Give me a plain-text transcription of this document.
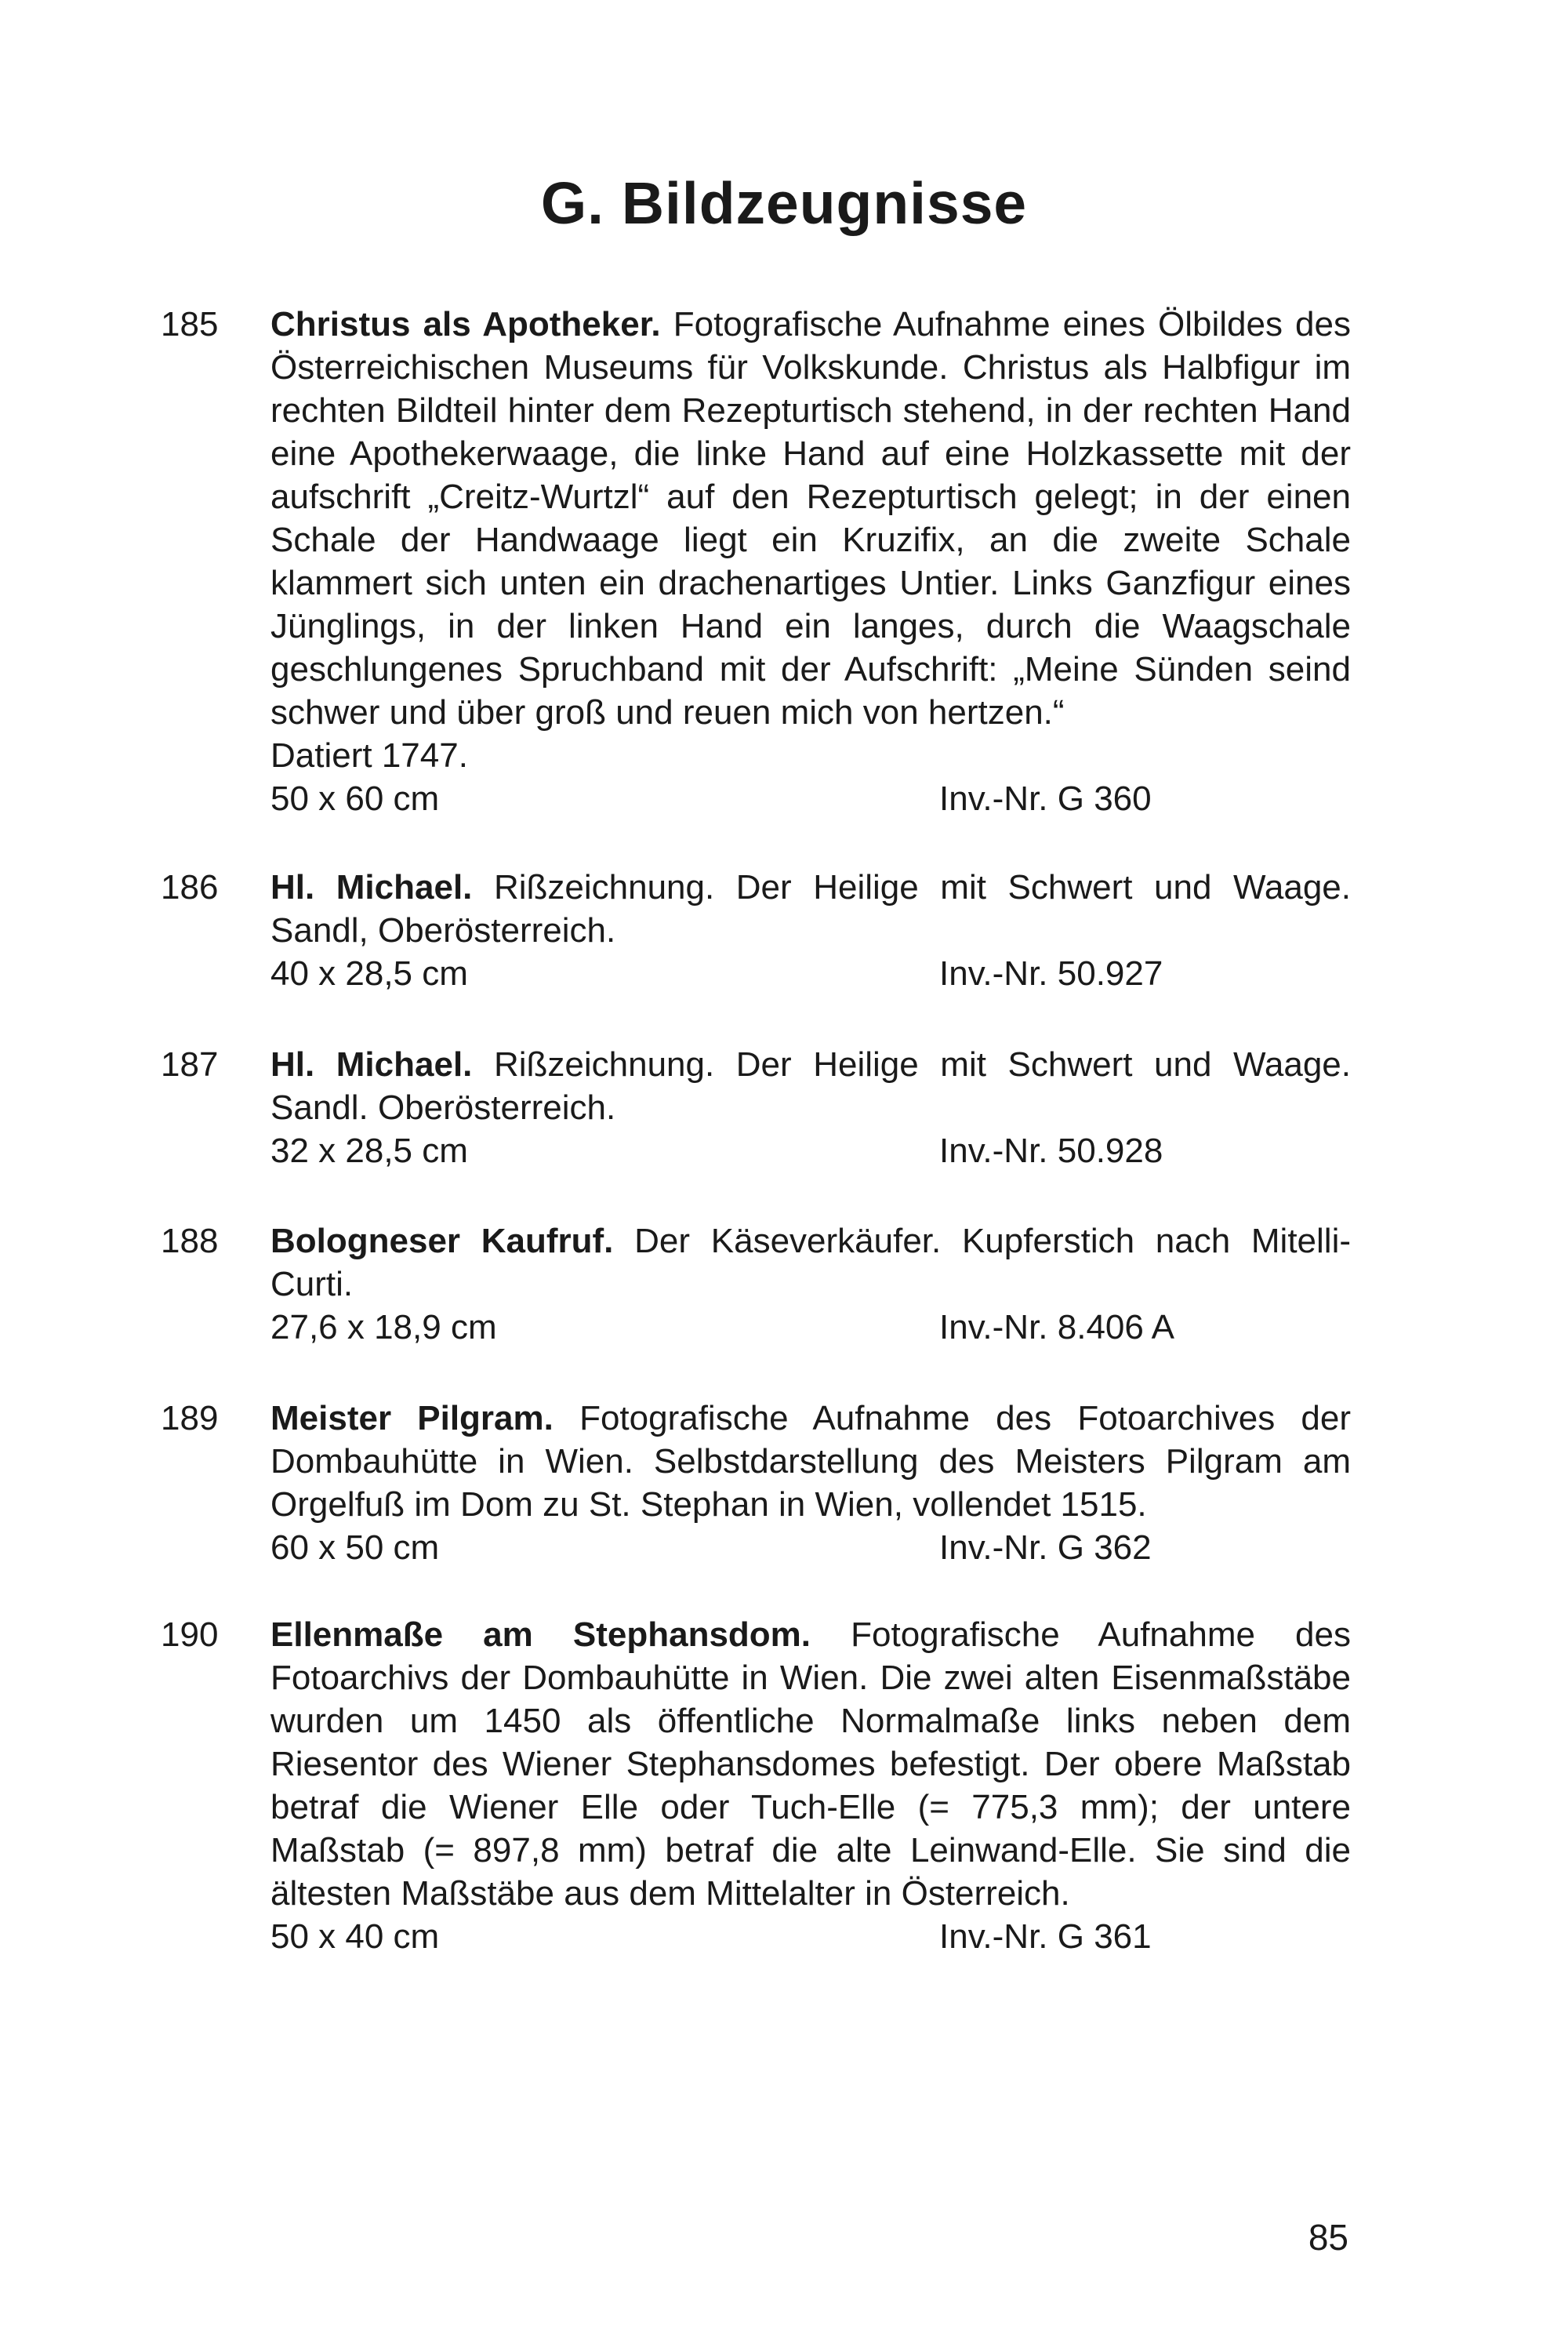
G. Bildzeugnisse
185	Christus als Apotheker. Fotografische Aufnahme eines Ölbildes des Österreichischen Museums für Volkskunde. Christus als Halbfigur im rechten Bildteil hinter dem Rezepturtisch stehend, in der rechten Hand eine Apothekerwaage, die linke Hand auf eine Holzkassette mit der aufschrift „Creitz-Wurtzl“ auf den Rezepturtisch gelegt; in der einen Schale der Handwaage liegt ein Kruzifix, an die zweite Schale klammert sich unten ein drachenartiges Untier. Links Ganzfigur eines Jünglings, in der linken Hand ein langes, durch die Waagschale geschlungenes Spruchband mit der Aufschrift: „Meine Sünden seind schwer und über groß und reuen mich von hertzen.“

Datiert 1747.

50 x 60 cm	Inv.-Nr. G 360
186	Hl. Michael. Rißzeichnung. Der Heilige mit Schwert und Waage. Sandl, Oberösterreich.

40 x 28,5 cm	Inv.-Nr. 50.927
187	Hl. Michael. Rißzeichnung. Der Heilige mit Schwert und Waage. Sandl. Oberösterreich.

32 x 28,5 cm	Inv.-Nr. 50.928
188	Bologneser Kaufruf. Der Käseverkäufer. Kupferstich nach Mitelli-Curti.

27,6 x 18,9 cm	Inv.-Nr. 8.406 A
189	Meister Pilgram. Fotografische Aufnahme des Fotoarchives der Dombauhütte in Wien. Selbstdarstellung des Meisters Pilgram am Orgelfuß im Dom zu St. Stephan in Wien, vollendet 1515.

60 x 50 cm	Inv.-Nr. G 362
190	Ellenmaße am Stephansdom. Fotografische Aufnahme des Fotoarchivs der Dombauhütte in Wien. Die zwei alten Eisenmaßstäbe wurden um 1450 als öffentliche Normalmaße links neben dem Riesentor des Wiener Stephansdomes befestigt. Der obere Maßstab betraf die Wiener Elle oder Tuch-Elle (= 775,3 mm); der untere Maßstab (= 897,8 mm) betraf die alte Leinwand-Elle. Sie sind die ältesten Maßstäbe aus dem Mittelalter in Österreich.

50 x 40 cm	Inv.-Nr. G 361
85
